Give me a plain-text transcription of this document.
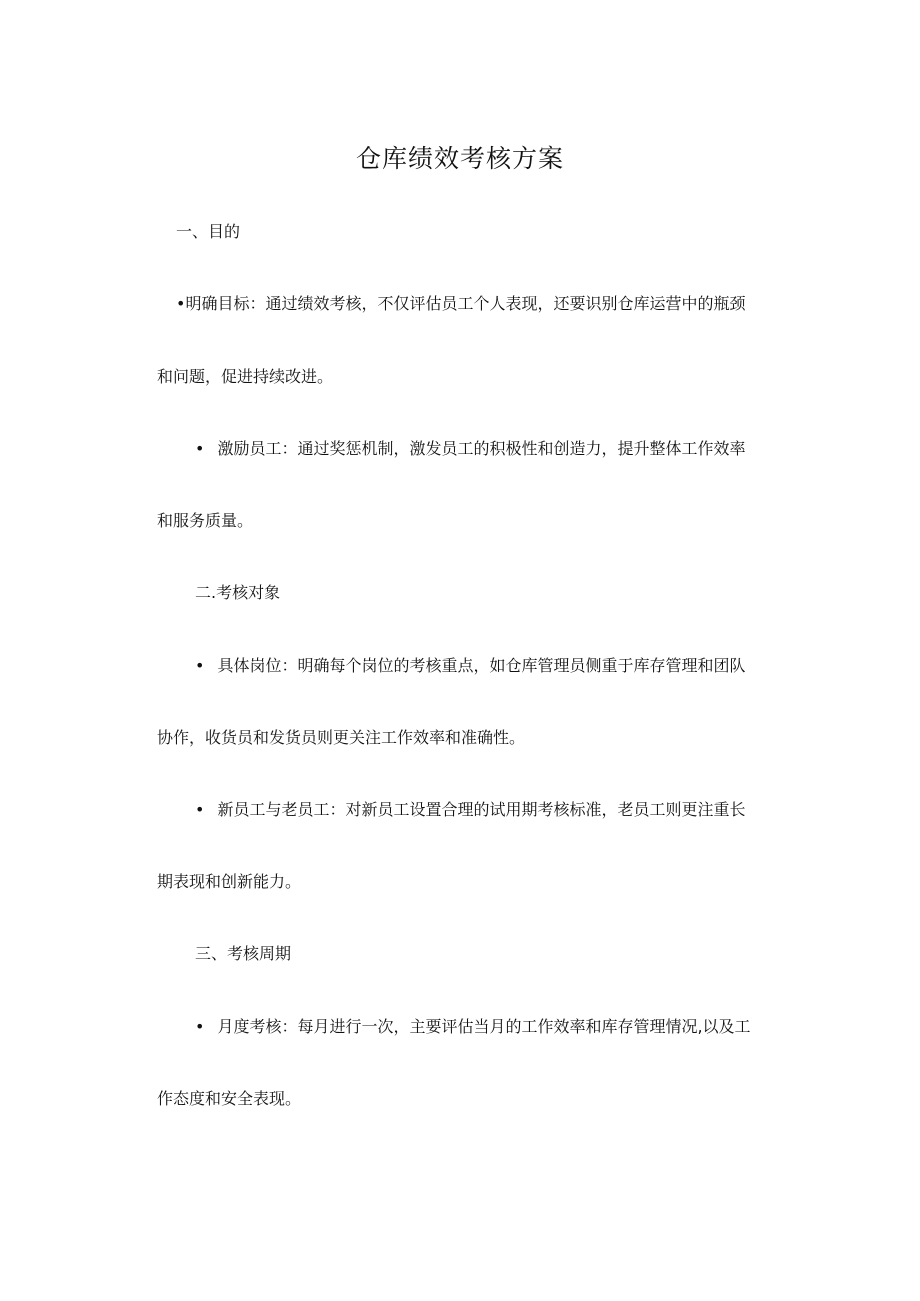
仓库绩效考核方案
一、目的
•明确目标：通过绩效考核，不仅评估员工个人表现，还要识别仓库运营中的瓶颈
和问题，促进持续改进。
• 激励员工：通过奖惩机制，激发员工的积极性和创造力，提升整体工作效率
和服务质量。
二.考核对象
• 具体岗位：明确每个岗位的考核重点，如仓库管理员侧重于库存管理和团队
协作，收货员和发货员则更关注工作效率和准确性。
• 新员工与老员工：对新员工设置合理的试用期考核标准，老员工则更注重长
期表现和创新能力。
三、考核周期
• 月度考核：每月进行一次，主要评估当月的工作效率和库存管理情况,以及工
作态度和安全表现。
